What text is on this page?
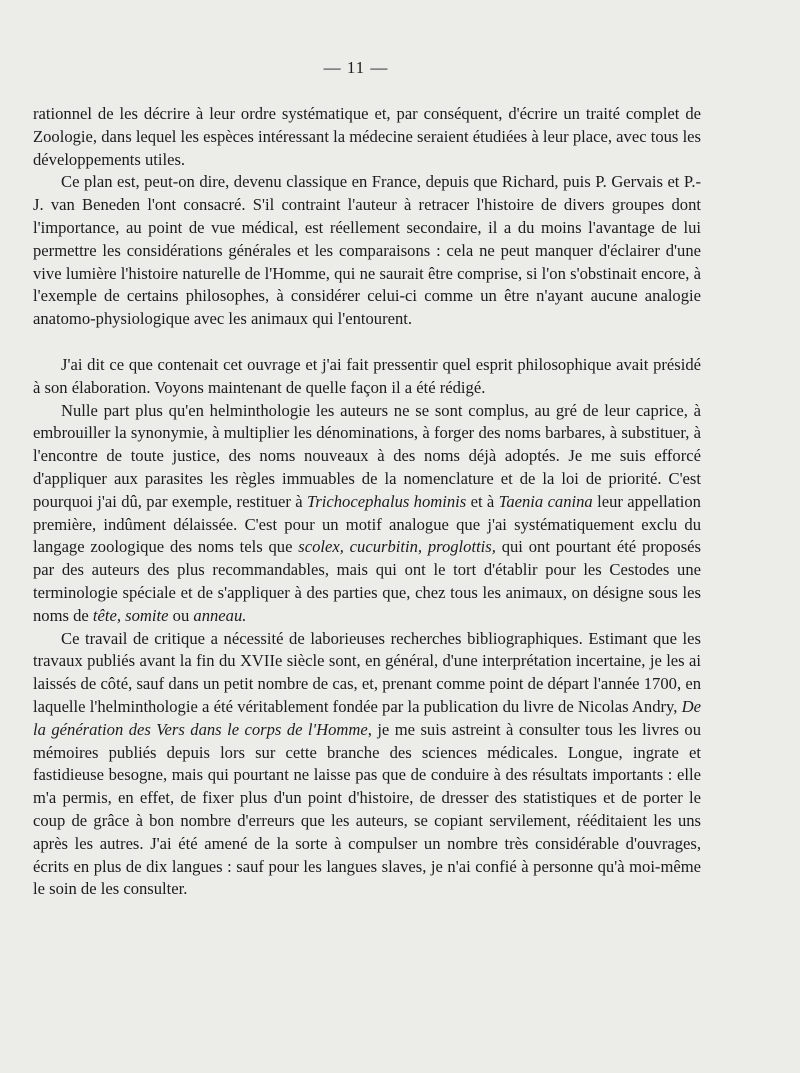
— 11 —

rationnel de les décrire à leur ordre systématique et, par conséquent, d'écrire un traité complet de Zoologie, dans lequel les espèces intéressant la médecine seraient étudiées à leur place, avec tous les développements utiles.

Ce plan est, peut-on dire, devenu classique en France, depuis que Richard, puis P. Gervais et P.-J. van Beneden l'ont consacré. S'il contraint l'auteur à retracer l'histoire de divers groupes dont l'importance, au point de vue médical, est réellement secondaire, il a du moins l'avantage de lui permettre les considérations générales et les comparaisons : cela ne peut manquer d'éclairer d'une vive lumière l'histoire naturelle de l'Homme, qui ne saurait être comprise, si l'on s'obstinait encore, à l'exemple de certains philosophes, à considérer celui-ci comme un être n'ayant aucune analogie anatomo-physiologique avec les animaux qui l'entourent.

J'ai dit ce que contenait cet ouvrage et j'ai fait pressentir quel esprit philosophique avait présidé à son élaboration. Voyons maintenant de quelle façon il a été rédigé.

Nulle part plus qu'en helminthologie les auteurs ne se sont complus, au gré de leur caprice, à embrouiller la synonymie, à multiplier les dénominations, à forger des noms barbares, à substituer, à l'encontre de toute justice, des noms nouveaux à des noms déjà adoptés. Je me suis efforcé d'appliquer aux parasites les règles immuables de la nomenclature et de la loi de priorité. C'est pourquoi j'ai dû, par exemple, restituer à Trichocephalus hominis et à Taenia canina leur appellation première, indûment délaissée. C'est pour un motif analogue que j'ai systématiquement exclu du langage zoologique des noms tels que scolex, cucurbitin, proglottis, qui ont pourtant été proposés par des auteurs des plus recommandables, mais qui ont le tort d'établir pour les Cestodes une terminologie spéciale et de s'appliquer à des parties que, chez tous les animaux, on désigne sous les noms de tête, somite ou anneau.

Ce travail de critique a nécessité de laborieuses recherches bibliographiques. Estimant que les travaux publiés avant la fin du XVIIe siècle sont, en général, d'une interprétation incertaine, je les ai laissés de côté, sauf dans un petit nombre de cas, et, prenant comme point de départ l'année 1700, en laquelle l'helminthologie a été véritablement fondée par la publication du livre de Nicolas Andry, De la génération des Vers dans le corps de l'Homme, je me suis astreint à consulter tous les livres ou mémoires publiés depuis lors sur cette branche des sciences médicales. Longue, ingrate et fastidieuse besogne, mais qui pourtant ne laisse pas que de conduire à des résultats importants : elle m'a permis, en effet, de fixer plus d'un point d'histoire, de dresser des statistiques et de porter le coup de grâce à bon nombre d'erreurs que les auteurs, se copiant servilement, rééditaient les uns après les autres. J'ai été amené de la sorte à compulser un nombre très considérable d'ouvrages, écrits en plus de dix langues : sauf pour les langues slaves, je n'ai confié à personne qu'à moi-même le soin de les consulter.
